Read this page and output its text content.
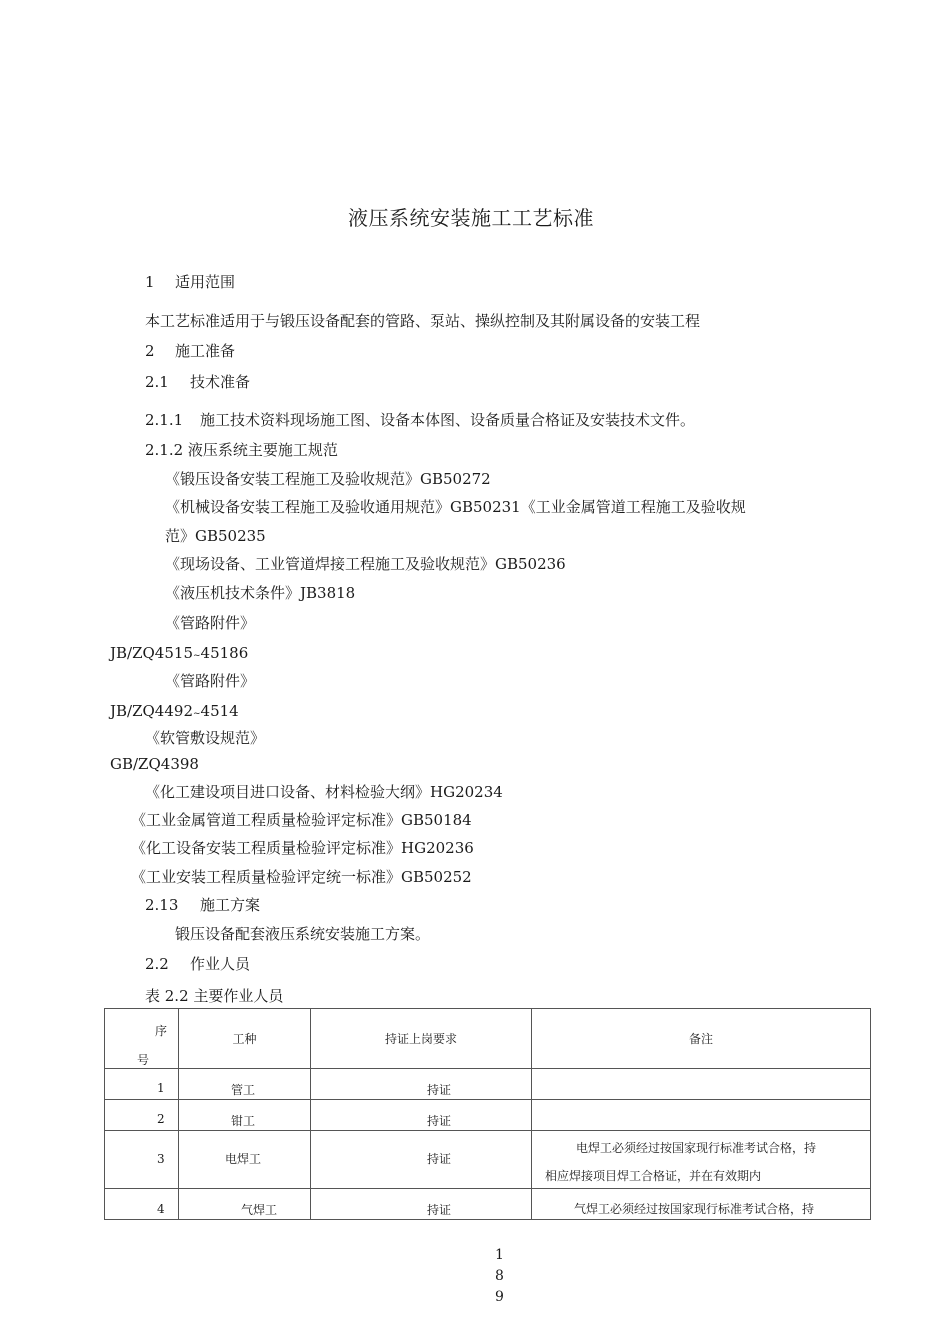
液压系统安装施工工艺标准
1 适用范围
本工艺标准适用于与锻压设备配套的管路、泵站、操纵控制及其附属设备的安装工程
2 施工准备
2.1 技术准备
2.1.1 施工技术资料现场施工图、设备本体图、设备质量合格证及安装技术文件。
2.1.2 液压系统主要施工规范
《锻压设备安装工程施工及验收规范》GB50272
《机械设备安装工程施工及验收通用规范》GB50231《工业金属管道工程施工及验收规
范》GB50235
《现场设备、工业管道焊接工程施工及验收规范》GB50236
《液压机技术条件》JB3818
《管路附件》
JB/ZQ4515~45186
《管路附件》
JB/ZQ4492~4514
《软管敷设规范》
GB/ZQ4398
《化工建设项目进口设备、材料检验大纲》HG20234
《工业金属管道工程质量检验评定标准》GB50184
《化工设备安装工程质量检验评定标准》HG20236
《工业安装工程质量检验评定统一标准》GB50252
2.13 施工方案
锻压设备配套液压系统安装施工方案。
2.2 作业人员
表 2.2 主要作业人员
序
号	工种	持证上岗要求	备注

1	管工	持证	

2	钳工	持证	

3	电焊工	持证	电焊工必须经过按国家现行标准考试合格，持
相应焊接项目焊工合格证，并在有效期内

4	气焊工	持证	气焊工必须经过按国家现行标准考试合格，持
1
8
9
